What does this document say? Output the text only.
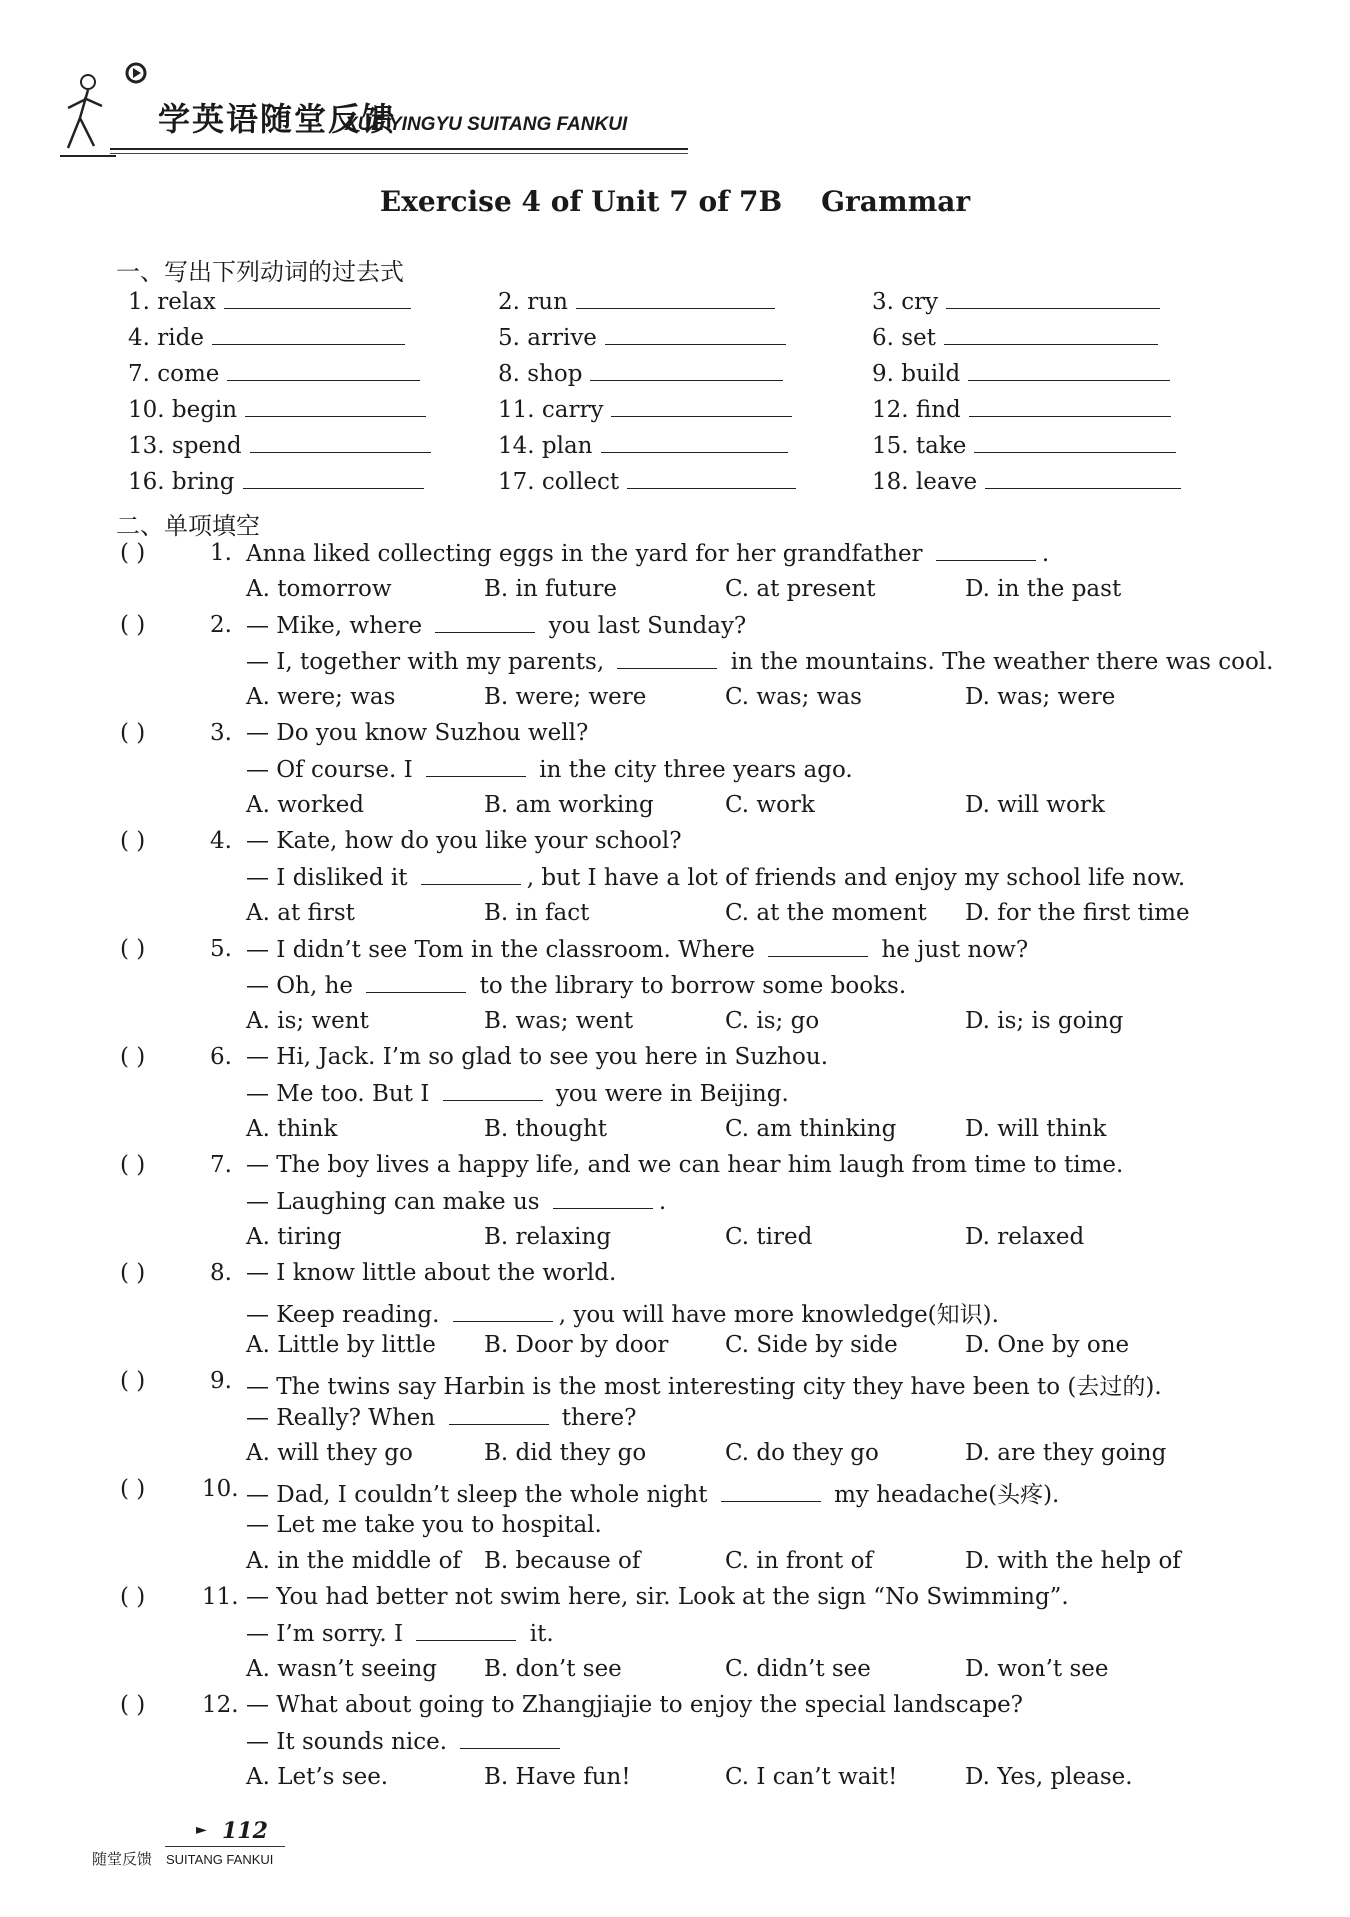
学英语随堂反馈
XUE YINGYU SUITANG FANKUI
Exercise 4 of Unit 7 of 7B    Grammar
一、写出下列动词的过去式
1. relax	2. run	3. cry
4. ride	5. arrive	6. set
7. come	8. shop	9. build
10. begin	11. carry	12. find
13. spend	14. plan	15. take
16. bring	17. collect	18. leave
二、单项填空
( )	1. Anna liked collecting eggs in the yard for her grandfather	.
A. tomorrow	B. in future	C. at present	D. in the past
( )	2. — Mike, where	you last Sunday?
— I, together with my parents,	in the mountains. The weather there was cool.
A. were; was	B. were; were	C. was; was	D. was; were
( )	3. — Do you know Suzhou well?
— Of course. I	in the city three years ago.
A. worked	B. am working	C. work	D. will work
( )	4. — Kate, how do you like your school?
— I disliked it	, but I have a lot of friends and enjoy my school life now.
A. at first	B. in fact	C. at the moment D. for the first time
( )	5. — I didn’t see Tom in the classroom. Where	he just now?
— Oh, he	to the library to borrow some books.
A. is; went	B. was; went	C. is; go	D. is; is going
( )	6. — Hi, Jack. I’m so glad to see you here in Suzhou.
— Me too. But I	you were in Beijing.
A. think	B. thought	C. am thinking	D. will think
( )	7. — The boy lives a happy life, and we can hear him laugh from time to time.
— Laughing can make us	.
A. tiring	B. relaxing	C. tired	D. relaxed
( )	8. — I know little about the world.
— Keep reading.	, you will have more knowledge(知识).
A. Little by little B. Door by door C. Side by side	D. One by one
( )	9. — The twins say Harbin is the most interesting city they have been to (去过的).
— Really? When	there?
A. will they go	B. did they go	C. do they go	D. are they going
( ) 10. — Dad, I couldn’t sleep the whole night	my headache(头疼).
— Let me take you to hospital.
A. in the middle of B. because of	C. in front of	D. with the help of
( ) 11. — You had better not swim here, sir. Look at the sign “No Swimming”.
— I’m sorry. I	it.
A. wasn’t seeing B. don’t see	C. didn’t see	D. won’t see
( ) 12. — What about going to Zhangjiajie to enjoy the special landscape?
— It sounds nice.
A. Let’s see.	B. Have fun!	C. I can’t wait!	D. Yes, please.
► 112
随堂反馈 SUITANG FANKUI
